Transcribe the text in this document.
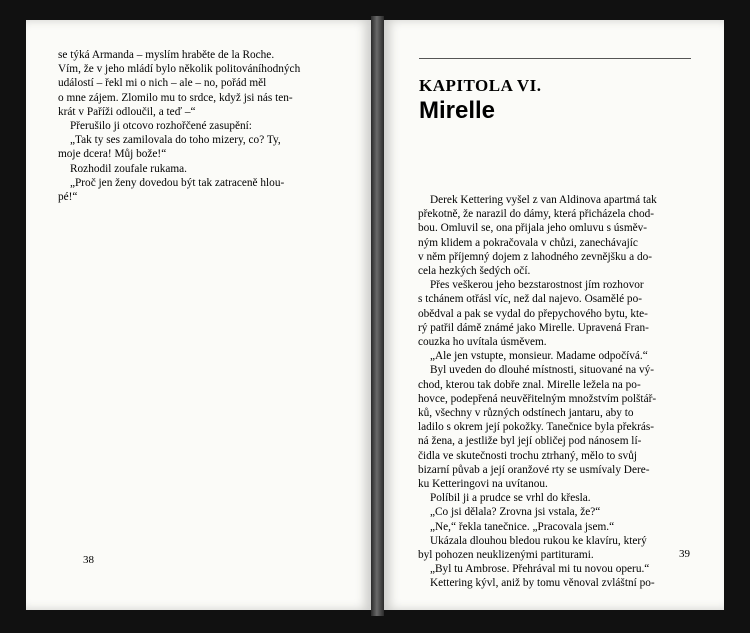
se týká Armanda – myslím hraběte de la Roche.
Vím, že v jeho mládí bylo několik politováníhodných
událostí – řekl mi o nich – ale – no, pořád měl
o mne zájem. Zlomilo mu to srdce, když jsi nás ten-
krát v Paříži odloučil, a teď –“
Přerušilo ji otcovo rozhořčené zasupění:
„Tak ty ses zamilovala do toho mizery, co? Ty,
moje dcera! Můj bože!“
Rozhodil zoufale rukama.
„Proč jen ženy dovedou být tak zatraceně hlou-
pé!“
38
KAPITOLA VI.
Mirelle
Derek Kettering vyšel z van Aldinova apartmá tak
překotně, že narazil do dámy, která přicházela chod-
bou. Omluvil se, ona přijala jeho omluvu s úsměv-
ným klidem a pokračovala v chůzi, zanechávajíc
v něm příjemný dojem z lahodného zevnějšku a do-
cela hezkých šedých očí.
Přes veškerou jeho bezstarostnost jím rozhovor
s tchánem otřásl víc, než dal najevo. Osamělé po-
obědval a pak se vydal do přepychového bytu, kte-
rý patřil dámě známé jako Mirelle. Upravená Fran-
couzka ho uvítala úsměvem.
„Ale jen vstupte, monsieur. Madame odpočívá.“
Byl uveden do dlouhé místnosti, situované na vý-
chod, kterou tak dobře znal. Mirelle ležela na po-
hovce, podepřená neuvěřitelným množstvím polštář-
ků, všechny v různých odstínech jantaru, aby to
ladilo s okrem její pokožky. Tanečnice byla překrás-
ná žena, a jestliže byl její obličej pod nánosem lí-
čidla ve skutečnosti trochu ztrhaný, mělo to svůj
bizarní půvab a její oranžové rty se usmívaly Dere-
ku Ketteringovi na uvítanou.
Políbil ji a prudce se vrhl do křesla.
„Co jsi dělala? Zrovna jsi vstala, že?“
„Ne,“ řekla tanečnice. „Pracovala jsem.“
Ukázala dlouhou bledou rukou ke klavíru, který
byl pohozen neuklizenými partiturami.
„Byl tu Ambrose. Přehrával mi tu novou operu.“
Kettering kývl, aniž by tomu věnoval zvláštní po-
39
